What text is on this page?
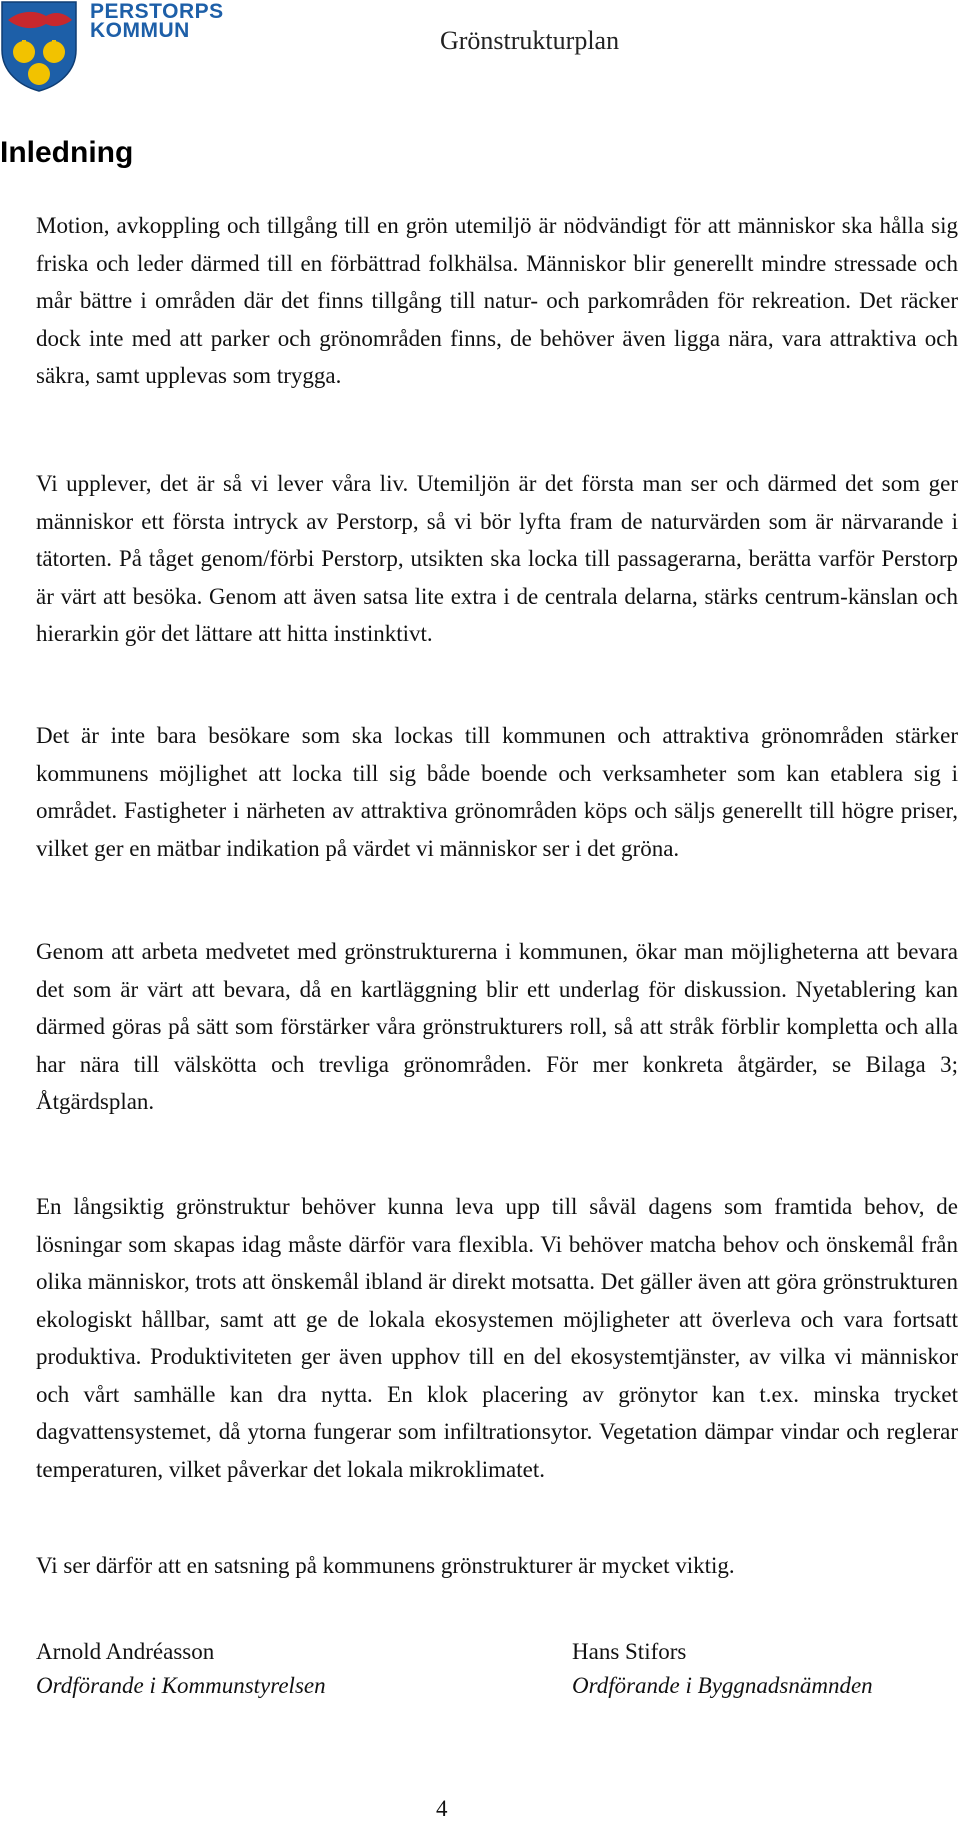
PERSTORPS
KOMMUN	Grönstrukturplan
Inledning

Motion, avkoppling och tillgång till en grön utemiljö är nödvändigt för att människor ska hålla sig friska och leder därmed till en förbättrad folkhälsa. Människor blir generellt mindre stressade och mår bättre i områden där det finns tillgång till natur- och parkområden för rekreation. Det räcker dock inte med att parker och grönområden finns, de behöver även ligga nära, vara attraktiva och säkra, samt upplevas som trygga.

Vi upplever, det är så vi lever våra liv. Utemiljön är det första man ser och därmed det som ger människor ett första intryck av Perstorp, så vi bör lyfta fram de naturvärden som är närvarande i tätorten. På tåget genom/förbi Perstorp, utsikten ska locka till passagerarna, berätta varför Perstorp är värt att besöka. Genom att även satsa lite extra i de centrala delarna, stärks centrum-känslan och hierarkin gör det lättare att hitta instinktivt.

Det är inte bara besökare som ska lockas till kommunen och attraktiva grönområden stärker kommunens möjlighet att locka till sig både boende och verksamheter som kan etablera sig i området. Fastigheter i närheten av attraktiva grönområden köps och säljs generellt till högre priser, vilket ger en mätbar indikation på värdet vi människor ser i det gröna.

Genom att arbeta medvetet med grönstrukturerna i kommunen, ökar man möjligheterna att bevara det som är värt att bevara, då en kartläggning blir ett underlag för diskussion. Nyetablering kan därmed göras på sätt som förstärker våra grönstrukturers roll, så att stråk förblir kompletta och alla har nära till välskötta och trevliga grönområden. För mer konkreta åtgärder, se Bilaga 3; Åtgärdsplan.

En långsiktig grönstruktur behöver kunna leva upp till såväl dagens som framtida behov, de lösningar som skapas idag måste därför vara flexibla. Vi behöver matcha behov och önskemål från olika människor, trots att önskemål ibland är direkt motsatta. Det gäller även att göra grönstrukturen ekologiskt hållbar, samt att ge de lokala ekosystemen möjligheter att överleva och vara fortsatt produktiva. Produktiviteten ger även upphov till en del ekosystemtjänster, av vilka vi människor och vårt samhälle kan dra nytta. En klok placering av grönytor kan t.ex. minska trycket dagvattensystemet, då ytorna fungerar som infiltrationsytor. Vegetation dämpar vindar och reglerar temperaturen, vilket påverkar det lokala mikroklimatet.

Vi ser därför att en satsning på kommunens grönstrukturer är mycket viktig.

Arnold Andréasson
Ordförande i Kommunstyrelsen
Hans Stifors
Ordförande i Byggnadsnämnden
4
